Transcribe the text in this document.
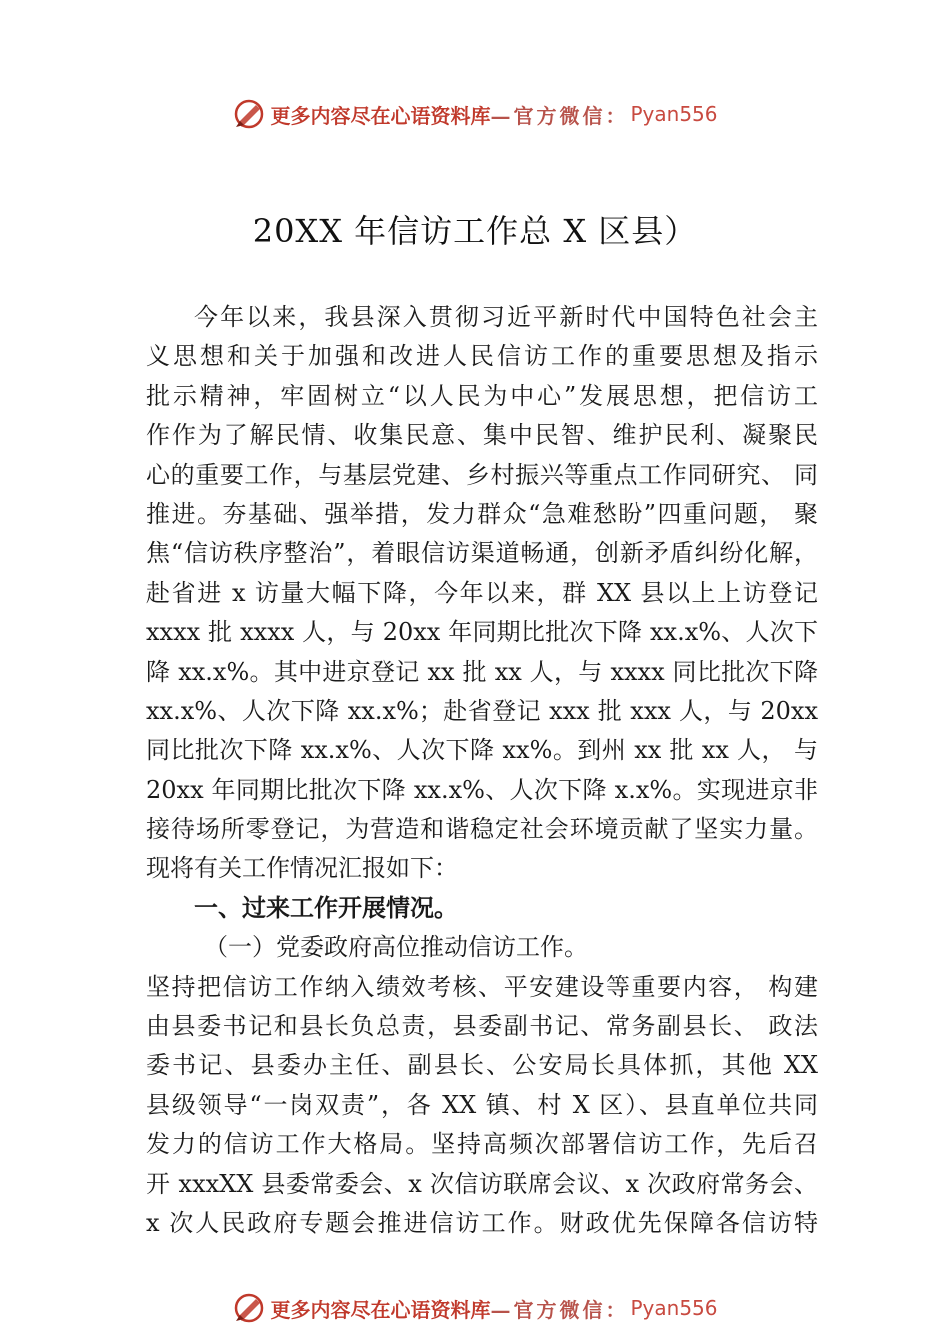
更多内容尽在心语资料库 —官方微信： Pyan556
20XX 年信访工作总 X 区县）
今年以来，我县深入贯彻习近平新时代中国特色社会主
义思想和关于加强和改进人民信访工作的重要思想及指示
批示精神，牢固树立“以人民为中心”发展思想，把信访工
作作为了解民情、收集民意、集中民智、维护民利、凝聚民
心的重要工作，与基层党建、乡村振兴等重点工作同研究、 同
推进。夯基础、强举措，发力群众“急难愁盼”四重问题， 聚
焦“信访秩序整治”，着眼信访渠道畅通，创新矛盾纠纷化解，
赴省进 x 访量大幅下降，今年以来，群 XX 县以上上访登记
xxxx 批 xxxx 人，与 20xx 年同期比批次下降 xx.x%、人次下
降 xx.x%。其中进京登记 xx 批 xx 人，与 xxxx 同比批次下降
xx.x%、人次下降 xx.x%；赴省登记 xxx 批 xxx 人，与 20xx
同比批次下降 xx.x%、人次下降 xx%。到州 xx 批 xx 人， 与
20xx 年同期比批次下降 xx.x%、人次下降 x.x%。实现进京非
接待场所零登记，为营造和谐稳定社会环境贡献了坚实力量。
现将有关工作情况汇报如下：
一、过来工作开展情况。
（一）党委政府高位推动信访工作。
坚持把信访工作纳入绩效考核、平安建设等重要内容， 构建
由县委书记和县长负总责，县委副书记、常务副县长、 政法
委书记、县委办主任、副县长、公安局长具体抓，其他 XX
县级领导“一岗双责”，各 XX 镇、村 X 区）、县直单位共同
发力的信访工作大格局。坚持高频次部署信访工作，先后召
开 xxxXX 县委常委会、x 次信访联席会议、x 次政府常务会、
x 次人民政府专题会推进信访工作。财政优先保障各信访特
更多内容尽在心语资料库 —官方微信： Pyan556
